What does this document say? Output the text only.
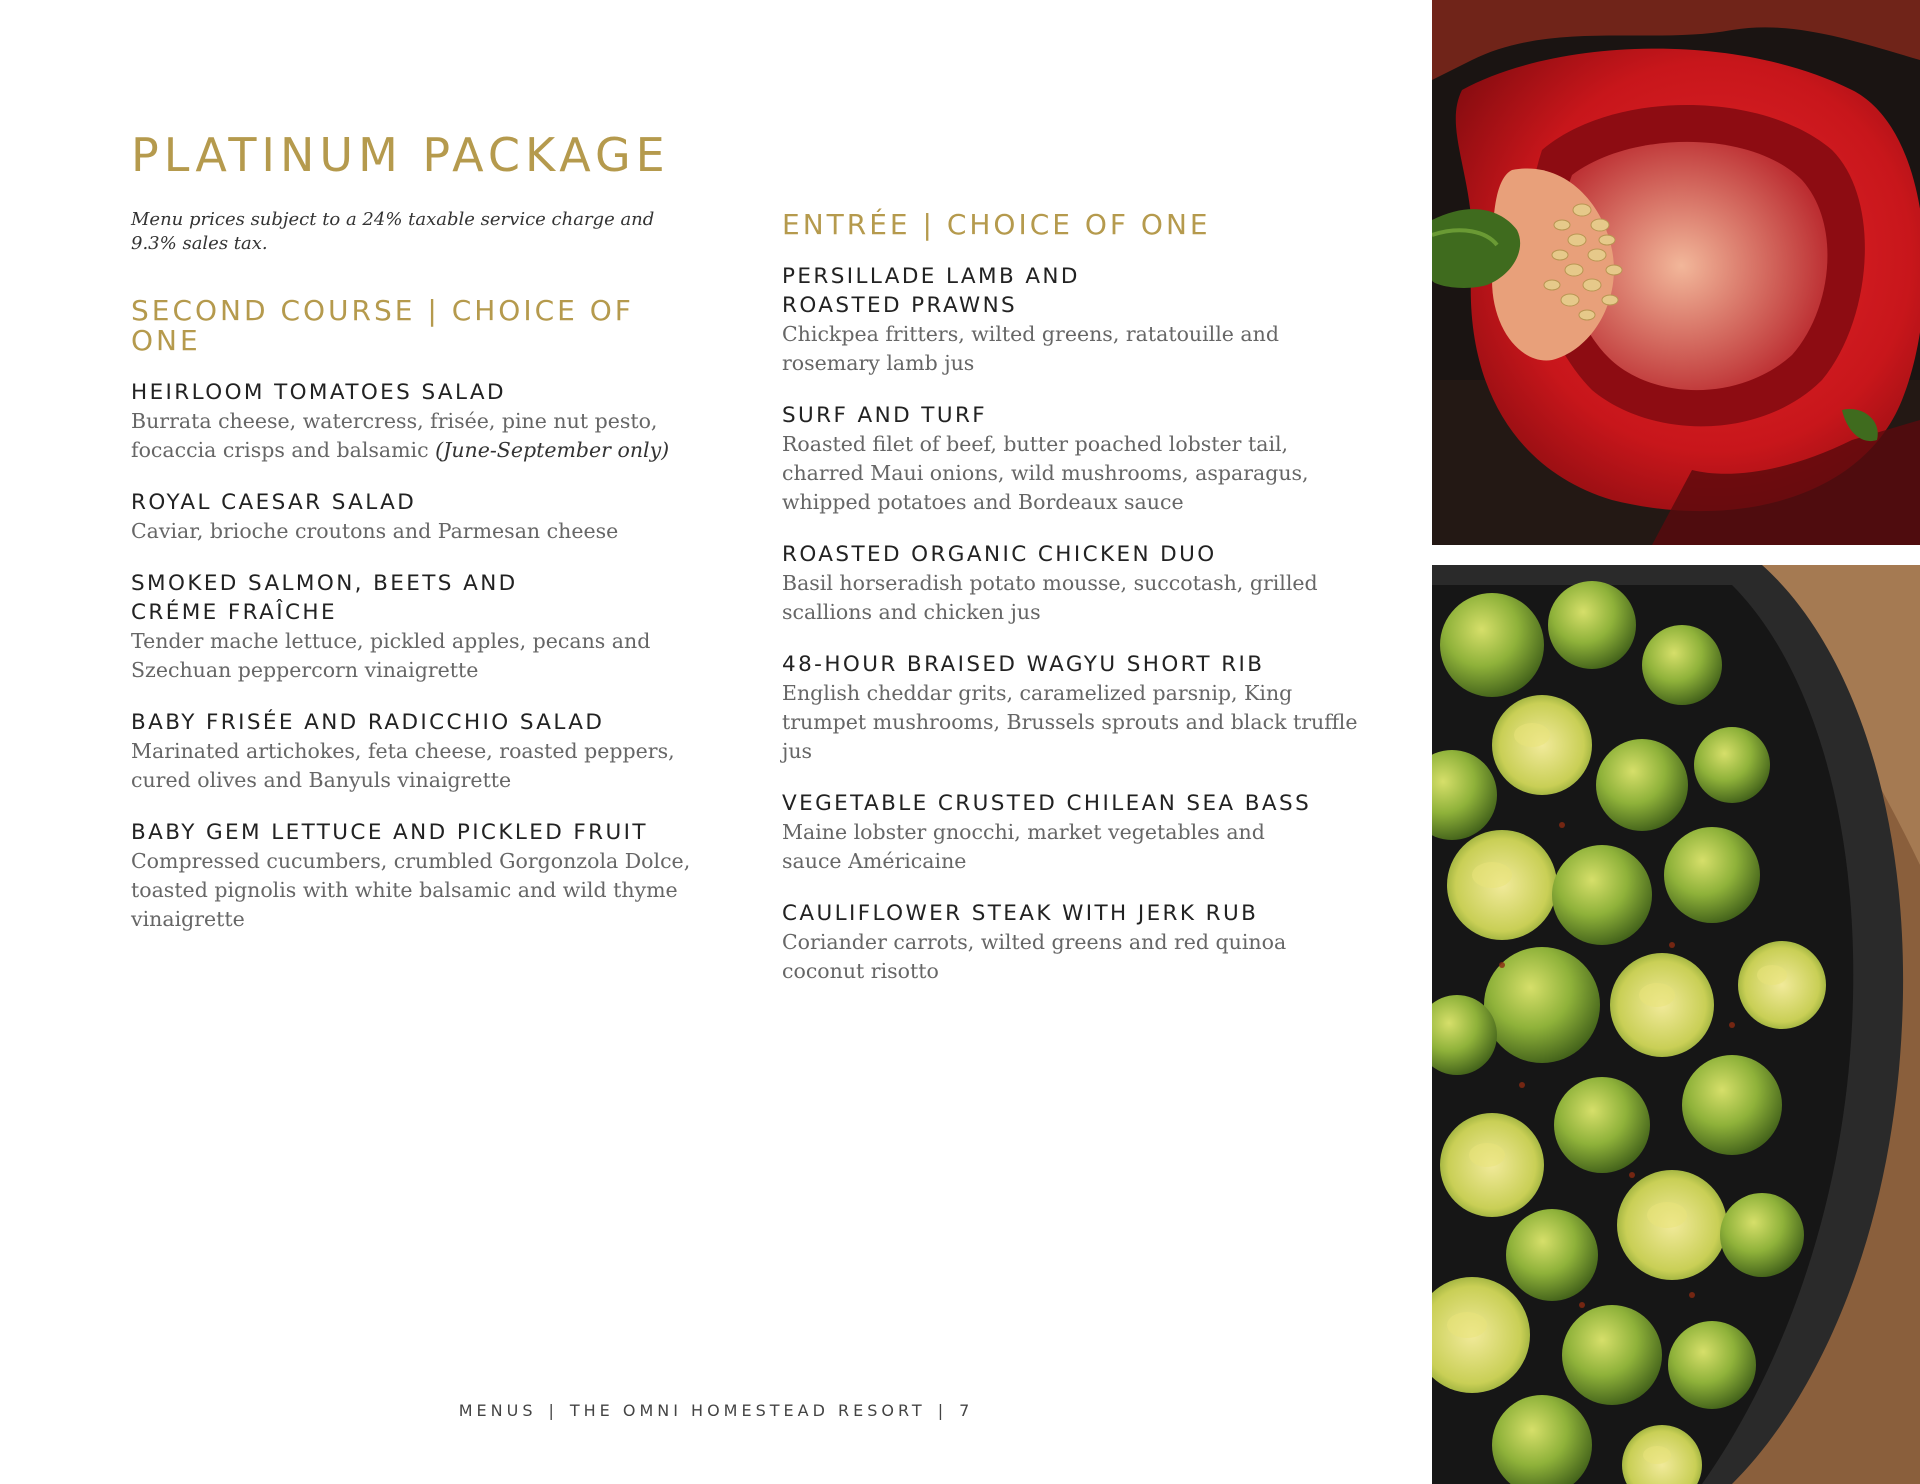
PLATINUM PACKAGE

Menu prices subject to a 24% taxable service charge and 9.3% sales tax.

SECOND COURSE | CHOICE OF ONE

HEIRLOOM TOMATOES SALAD

Burrata cheese, watercress, frisée, pine nut pesto, focaccia crisps and balsamic (June-September only)

ROYAL CAESAR SALAD

Caviar, brioche croutons and Parmesan cheese

SMOKED SALMON, BEETS AND CRÉME FRAÎCHE

Tender mache lettuce, pickled apples, pecans and Szechuan peppercorn vinaigrette

BABY FRISÉE AND RADICCHIO SALAD

Marinated artichokes, feta cheese, roasted peppers, cured olives and Banyuls vinaigrette

BABY GEM LETTUCE AND PICKLED FRUIT

Compressed cucumbers, crumbled Gorgonzola Dolce, toasted pignolis with white balsamic and wild thyme vinaigrette

ENTRÉE | CHOICE OF ONE

PERSILLADE LAMB AND ROASTED PRAWNS

Chickpea fritters, wilted greens, ratatouille and rosemary lamb jus

SURF AND TURF

Roasted filet of beef, butter poached lobster tail, charred Maui onions, wild mushrooms, asparagus, whipped potatoes and Bordeaux sauce

ROASTED ORGANIC CHICKEN DUO

Basil horseradish potato mousse, succotash, grilled scallions and chicken jus

48-HOUR BRAISED WAGYU SHORT RIB

English cheddar grits, caramelized parsnip, King trumpet mushrooms, Brussels sprouts and black truffle jus

VEGETABLE CRUSTED CHILEAN SEA BASS

Maine lobster gnocchi, market vegetables and sauce Américaine

CAULIFLOWER STEAK WITH JERK RUB

Coriander carrots, wilted greens and red quinoa coconut risotto

MENUS | THE OMNI HOMESTEAD RESORT | 7
